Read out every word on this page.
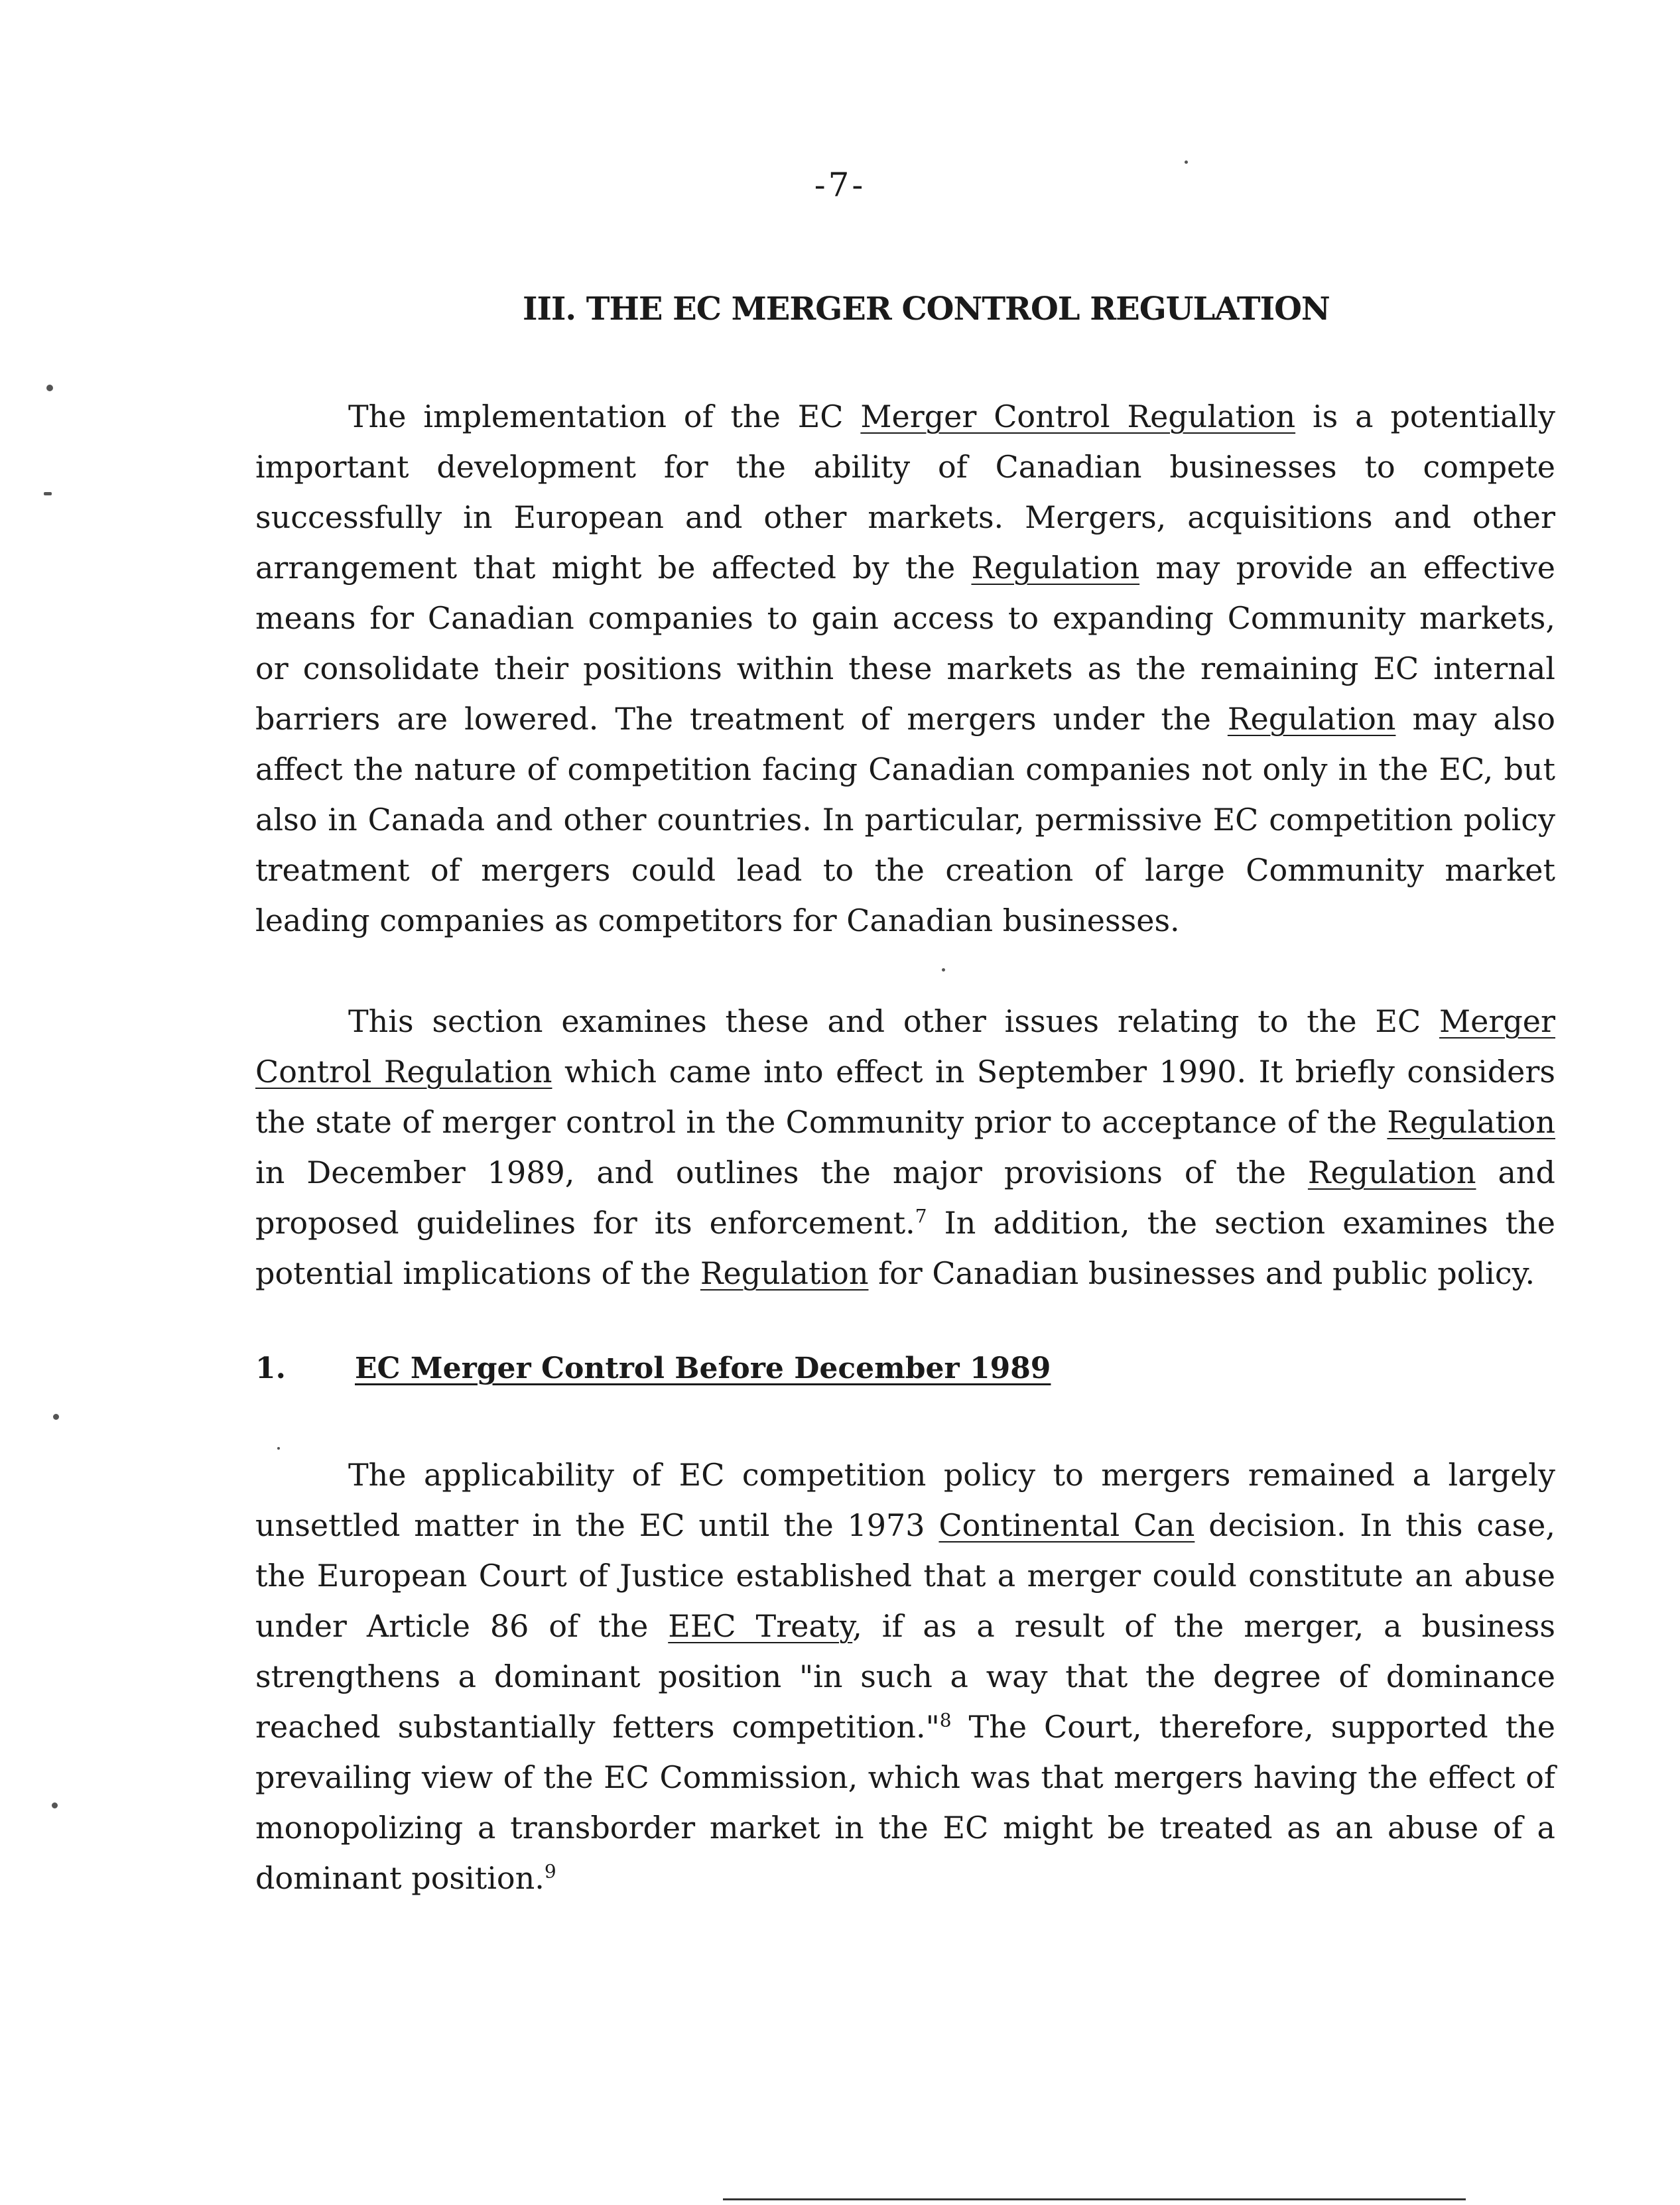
-7-
III. THE EC MERGER CONTROL REGULATION

The implementation of the EC Merger Control Regulation is a potentially important development for the ability of Canadian businesses to compete successfully in European and other markets. Mergers, acquisitions and other arrangement that might be affected by the Regulation may provide an effective means for Canadian companies to gain access to expanding Community markets, or consolidate their positions within these markets as the remaining EC internal barriers are lowered. The treatment of mergers under the Regulation may also affect the nature of competition facing Canadian companies not only in the EC, but also in Canada and other countries. In particular, permissive EC competition policy treatment of mergers could lead to the creation of large Community market leading companies as competitors for Canadian businesses.

This section examines these and other issues relating to the EC Merger Control Regulation which came into effect in September 1990. It briefly considers the state of merger control in the Community prior to acceptance of the Regulation in December 1989, and outlines the major provisions of the Regulation and proposed guidelines for its enforcement.$^7$ In addition, the section examines the potential implications of the Regulation for Canadian businesses and public policy.

1. EC Merger Control Before December 1989

The applicability of EC competition policy to mergers remained a largely unsettled matter in the EC until the 1973 Continental Can decision. In this case, the European Court of Justice established that a merger could constitute an abuse under Article 86 of the EEC Treaty, if as a result of the merger, a business strengthens a dominant position "in such a way that the degree of dominance reached substantially fetters competition."$^8$ The Court, therefore, supported the prevailing view of the EC Commission, which was that mergers having the effect of monopolizing a transborder market in the EC might be treated as an abuse of a dominant position.$^9$
